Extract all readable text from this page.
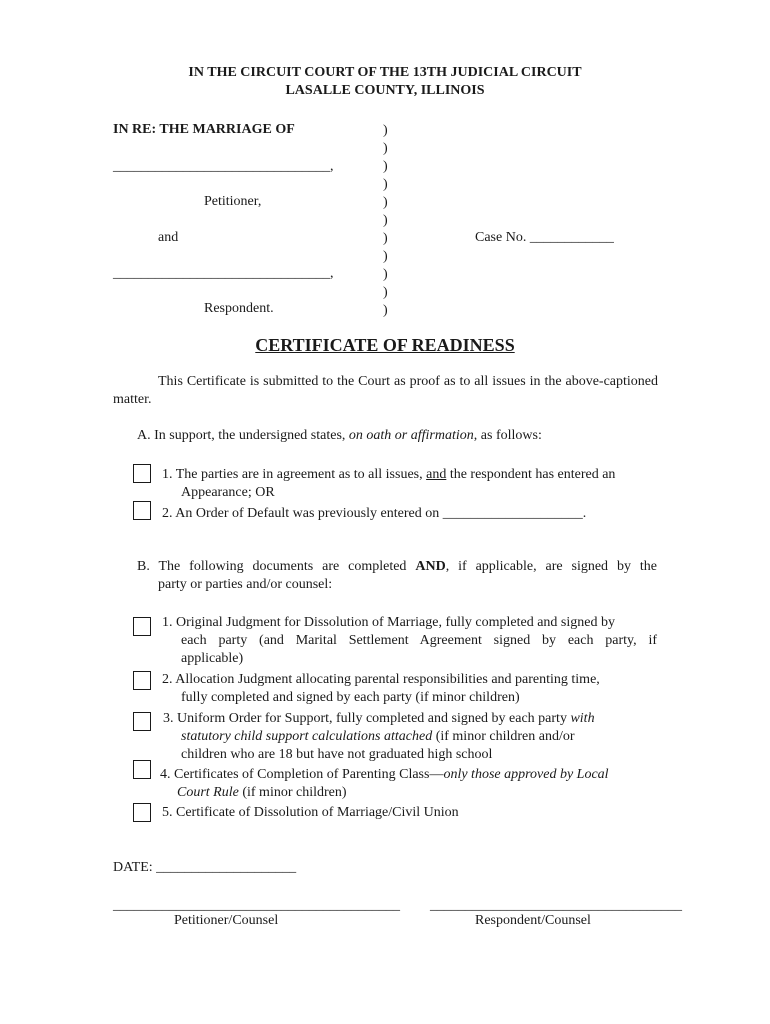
IN THE CIRCUIT COURT OF THE 13TH JUDICIAL CIRCUIT
LASALLE COUNTY, ILLINOIS
IN RE: THE MARRIAGE OF
_______________________________,
Petitioner,
and
_______________________________,
Respondent.
)
)
)
)
)
)
)
)
)
)
)
Case No. ____________
CERTIFICATE OF READINESS
This Certificate is submitted to the Court as proof as to all issues in the above-captioned matter.
A. In support, the undersigned states, on oath or affirmation, as follows:
1. The parties are in agreement as to all issues, and the respondent has entered an
Appearance; OR
2. An Order of Default was previously entered on ____________________.
B. The following documents are completed AND, if applicable, are signed by the
party or parties and/or counsel:
1. Original Judgment for Dissolution of Marriage, fully completed and signed by
each party (and Marital Settlement Agreement signed by each party, if
applicable)
2. Allocation Judgment allocating parental responsibilities and parenting time,
fully completed and signed by each party (if minor children)
3. Uniform Order for Support, fully completed and signed by each party with
statutory child support calculations attached (if minor children and/or
children who are 18 but have not graduated high school
4. Certificates of Completion of Parenting Class—only those approved by Local
Court Rule (if minor children)
5. Certificate of Dissolution of Marriage/Civil Union
DATE: ____________________
_________________________________________
Petitioner/Counsel
____________________________________
Respondent/Counsel
